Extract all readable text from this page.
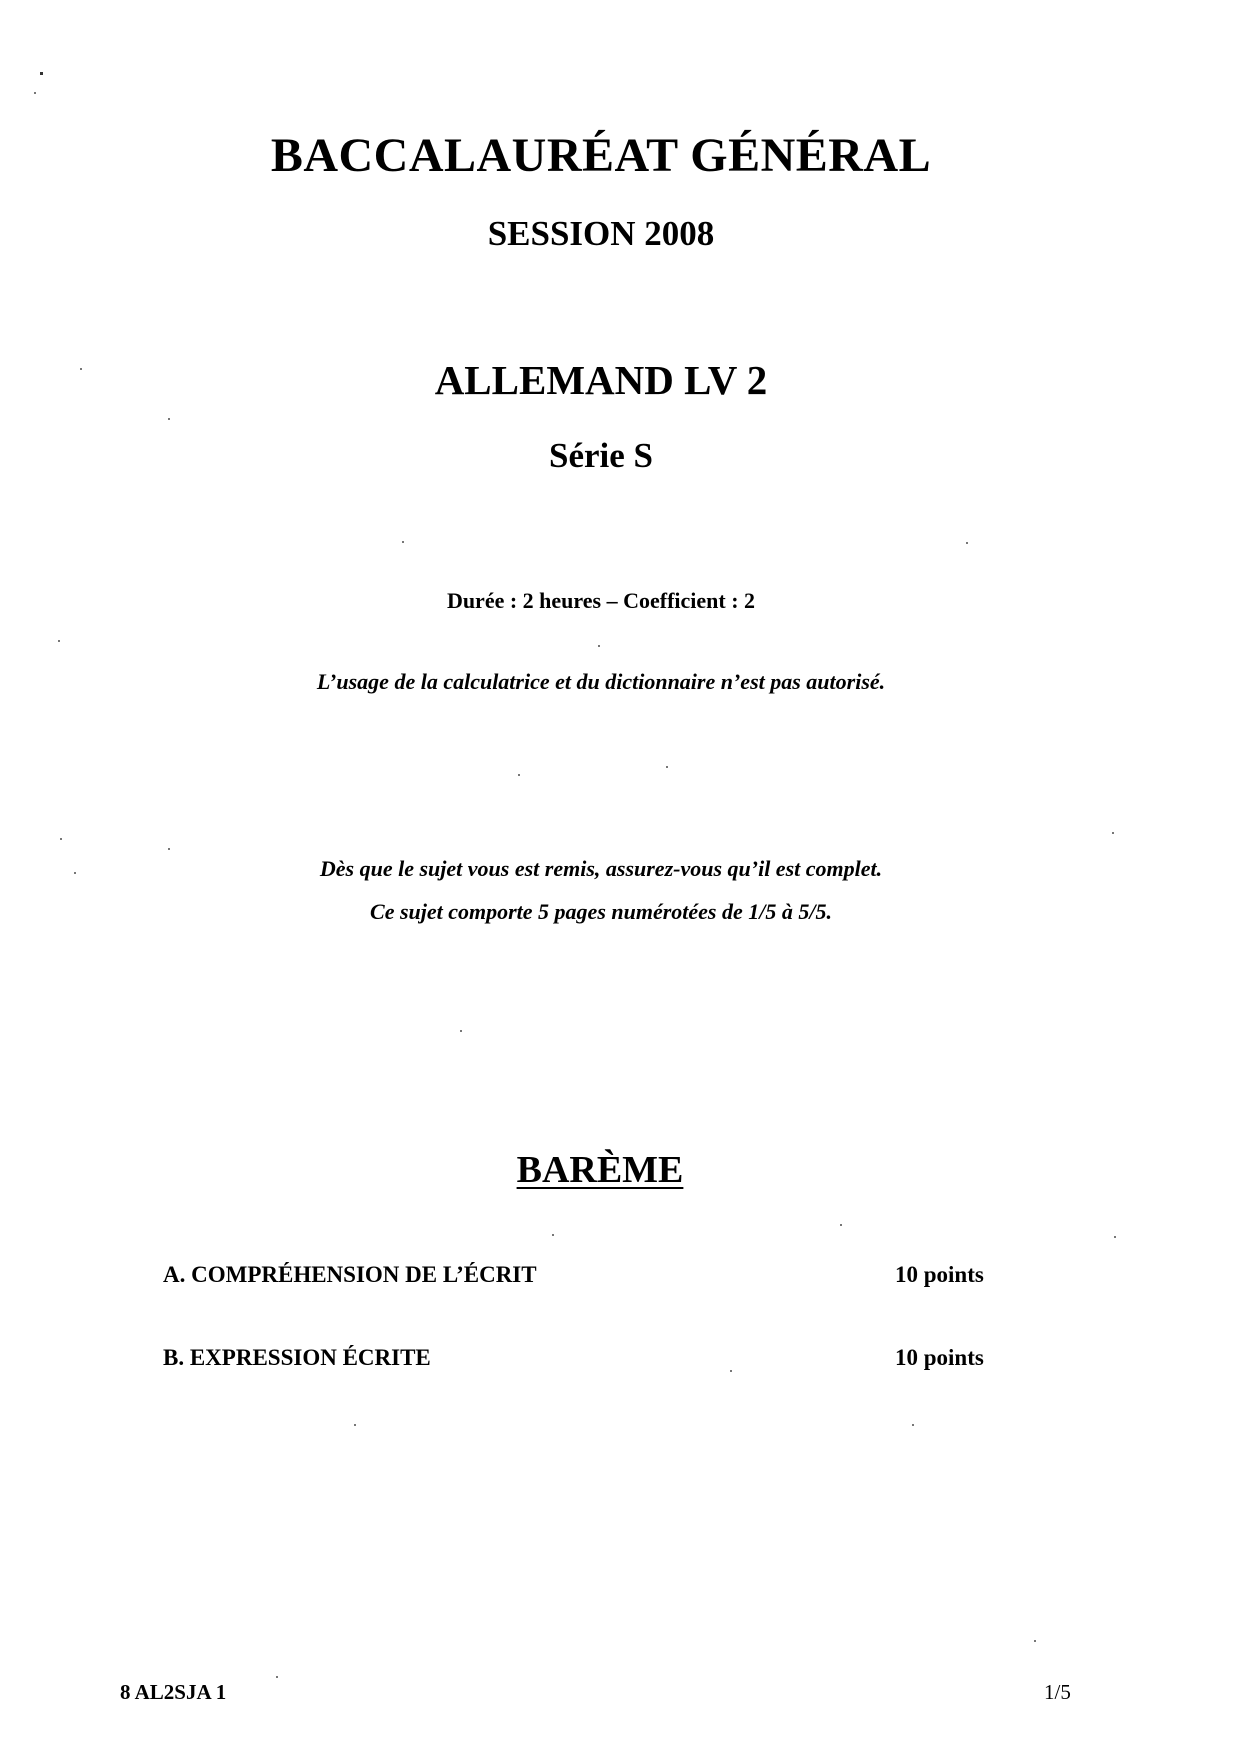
BACCALAURÉAT GÉNÉRAL
SESSION 2008
ALLEMAND LV 2
Série S
Durée : 2 heures – Coefficient : 2
L’usage de la calculatrice et du dictionnaire n’est pas autorisé.
Dès que le sujet vous est remis, assurez-vous qu’il est complet.
Ce sujet comporte 5 pages numérotées de 1/5 à 5/5.
BARÈME
A. COMPRÉHENSION DE L’ÉCRIT	10 points
B. EXPRESSION ÉCRITE	10 points
8 AL2SJA 1	1/5
